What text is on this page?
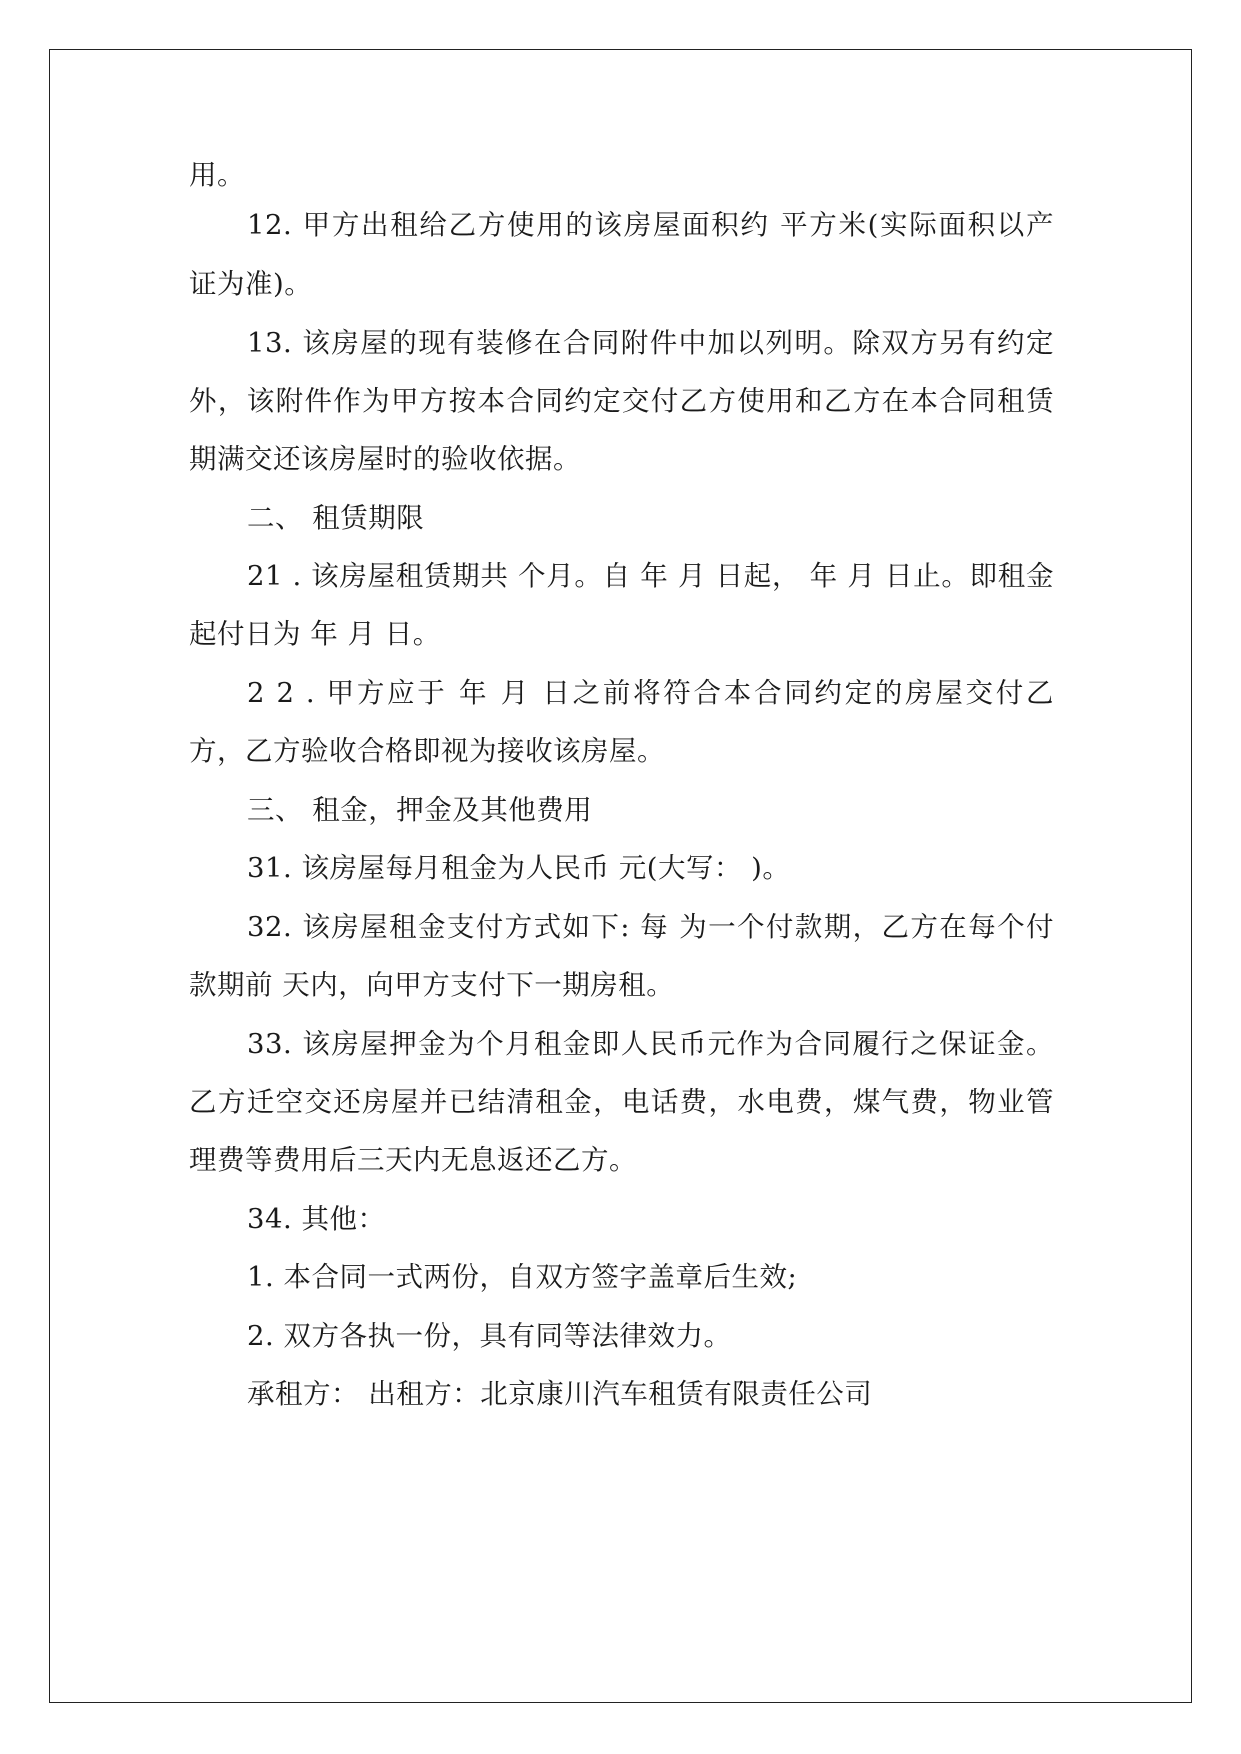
用。
12. 甲方出租给乙方使用的该房屋面积约 平方米(实际面积以产
证为准)。
13. 该房屋的现有装修在合同附件中加以列明。除双方另有约定
外，该附件作为甲方按本合同约定交付乙方使用和乙方在本合同租赁
期满交还该房屋时的验收依据。
二、 租赁期限
21 . 该房屋租赁期共 个月。自 年 月 日起， 年 月 日止。即租金
起付日为 年 月 日。
2 2 . 甲方应于 年 月 日之前将符合本合同约定的房屋交付乙
方，乙方验收合格即视为接收该房屋。
三、 租金，押金及其他费用
31. 该房屋每月租金为人民币 元(大写： )。
32. 该房屋租金支付方式如下: 每 为一个付款期，乙方在每个付
款期前 天内，向甲方支付下一期房租。
33. 该房屋押金为个月租金即人民币元作为合同履行之保证金。
乙方迁空交还房屋并已结清租金，电话费，水电费，煤气费，物业管
理费等费用后三天内无息返还乙方。
34. 其他：
1. 本合同一式两份，自双方签字盖章后生效;
2. 双方各执一份，具有同等法律效力。
承租方： 出租方：北京康川汽车租赁有限责任公司
